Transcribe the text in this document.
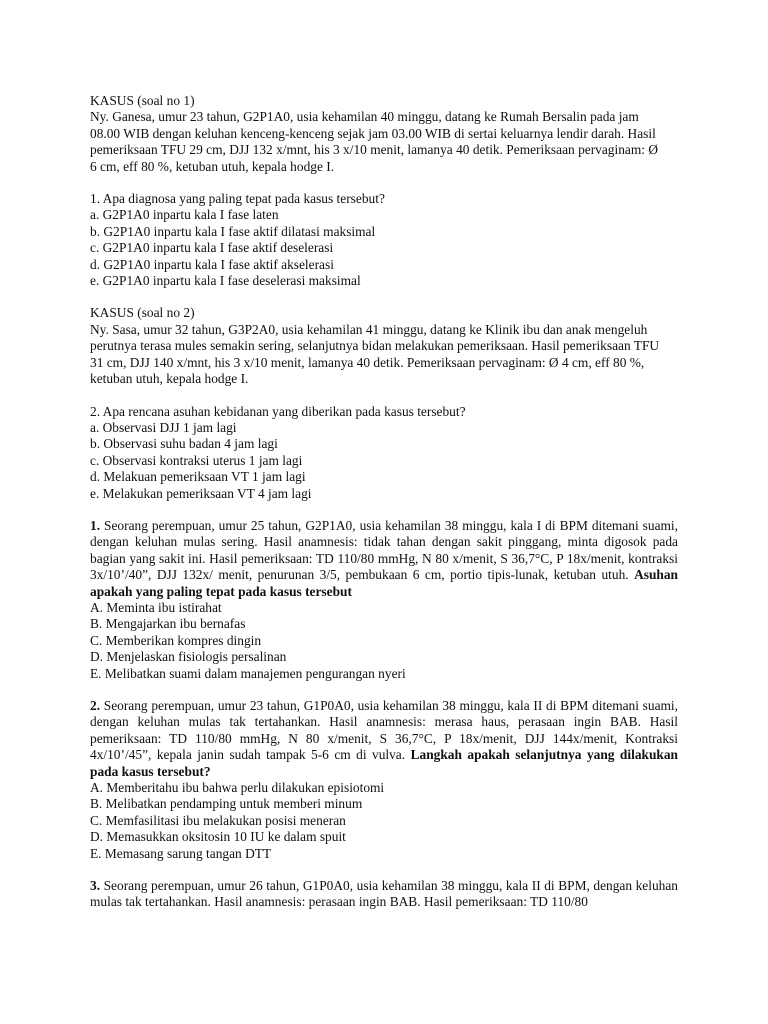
KASUS (soal no 1)
Ny. Ganesa, umur 23 tahun, G2P1A0, usia kehamilan 40 minggu, datang ke Rumah Bersalin pada jam
08.00 WIB dengan keluhan kenceng-kenceng sejak jam 03.00 WIB di sertai keluarnya lendir darah. Hasil
pemeriksaan TFU 29 cm, DJJ 132 x/mnt, his 3 x/10 menit, lamanya 40 detik. Pemeriksaan pervaginam: Ø
6 cm, eff 80 %, ketuban utuh, kepala hodge I.
1. Apa diagnosa yang paling tepat pada kasus tersebut?
a. G2P1A0 inpartu kala I fase laten
b. G2P1A0 inpartu kala I fase aktif dilatasi maksimal
c. G2P1A0 inpartu kala I fase aktif deselerasi
d. G2P1A0 inpartu kala I fase aktif akselerasi
e. G2P1A0 inpartu kala I fase deselerasi maksimal
KASUS (soal no 2)
Ny. Sasa, umur 32 tahun, G3P2A0, usia kehamilan 41 minggu, datang ke Klinik ibu dan anak mengeluh
perutnya terasa mules semakin sering, selanjutnya bidan melakukan pemeriksaan. Hasil pemeriksaan TFU
31 cm, DJJ 140 x/mnt, his 3 x/10 menit, lamanya 40 detik. Pemeriksaan pervaginam: Ø 4 cm, eff 80 %,
ketuban utuh, kepala hodge I.
2. Apa rencana asuhan kebidanan yang diberikan pada kasus tersebut?
a. Observasi DJJ 1 jam lagi
b. Observasi suhu badan 4 jam lagi
c. Observasi kontraksi uterus 1 jam lagi
d. Melakuan pemeriksaan VT 1 jam lagi
e. Melakukan pemeriksaan VT 4 jam lagi
1. Seorang perempuan, umur 25 tahun, G2P1A0, usia kehamilan 38 minggu, kala I di BPM ditemani suami, dengan keluhan mulas sering. Hasil anamnesis: tidak tahan dengan sakit pinggang, minta digosok pada bagian yang sakit ini. Hasil pemeriksaan: TD 110/80 mmHg, N 80 x/menit, S 36,7°C, P 18x/menit, kontraksi 3x/10’/40”, DJJ 132x/ menit, penurunan 3/5, pembukaan 6 cm, portio tipis-lunak, ketuban utuh. Asuhan apakah yang paling tepat pada kasus tersebut
A. Meminta ibu istirahat
B. Mengajarkan ibu bernafas
C. Memberikan kompres dingin
D. Menjelaskan fisiologis persalinan
E. Melibatkan suami dalam manajemen pengurangan nyeri
2. Seorang perempuan, umur 23 tahun, G1P0A0, usia kehamilan 38 minggu, kala II di BPM ditemani suami, dengan keluhan mulas tak tertahankan. Hasil anamnesis: merasa haus, perasaan ingin BAB. Hasil pemeriksaan: TD 110/80 mmHg, N 80 x/menit, S 36,7°C, P 18x/menit, DJJ 144x/menit, Kontraksi 4x/10’/45”, kepala janin sudah tampak 5-6 cm di vulva. Langkah apakah selanjutnya yang dilakukan pada kasus tersebut?
A. Memberitahu ibu bahwa perlu dilakukan episiotomi
B. Melibatkan pendamping untuk memberi minum
C. Memfasilitasi ibu melakukan posisi meneran
D. Memasukkan oksitosin 10 IU ke dalam spuit
E. Memasang sarung tangan DTT
3. Seorang perempuan, umur 26 tahun, G1P0A0, usia kehamilan 38 minggu, kala II di BPM, dengan keluhan mulas tak tertahankan. Hasil anamnesis: perasaan ingin BAB. Hasil pemeriksaan: TD 110/80
